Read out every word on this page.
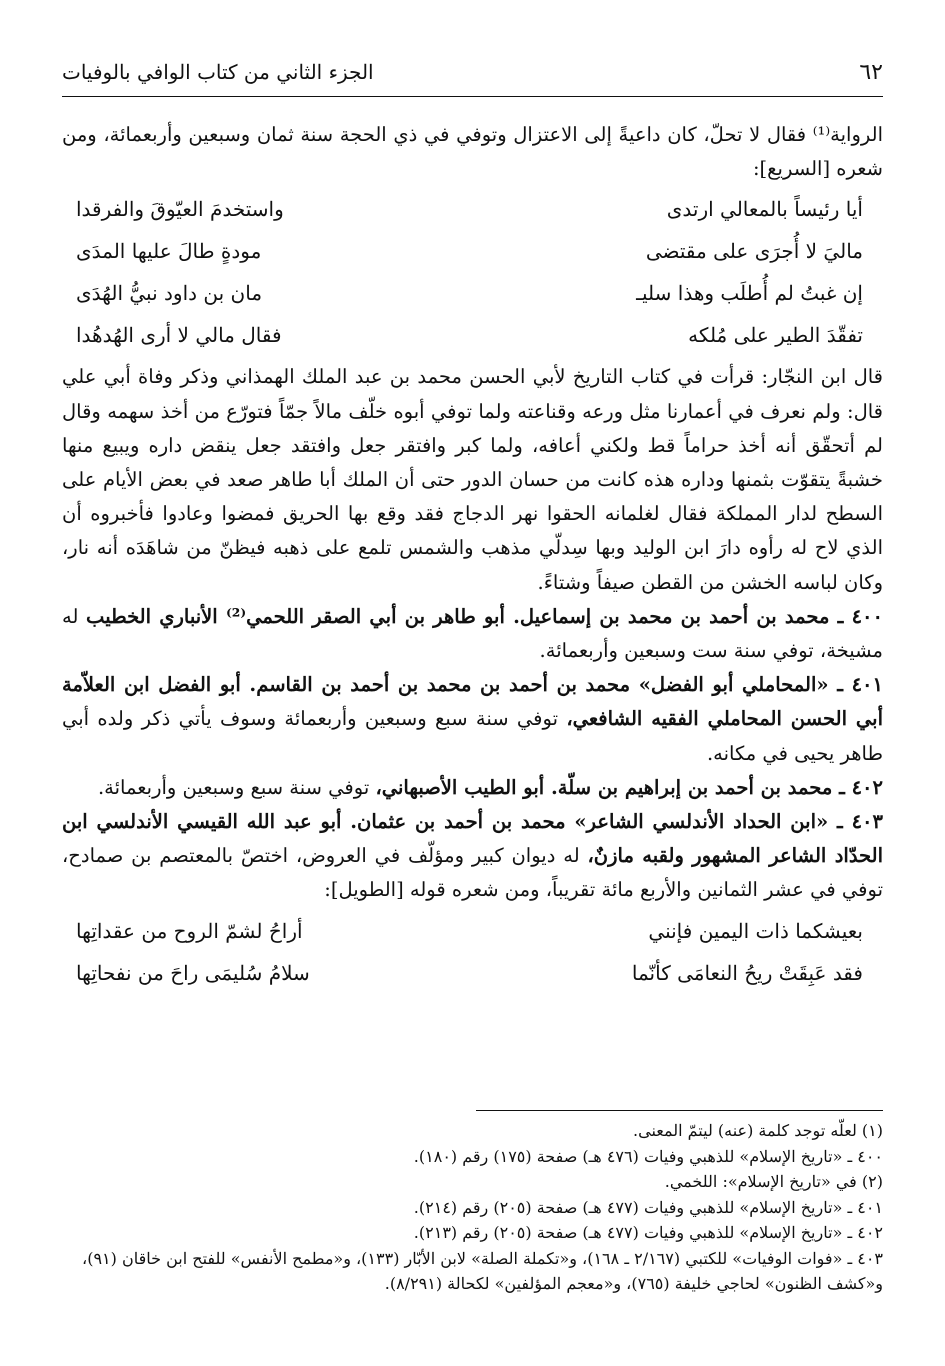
٦٢
الجزء الثاني من كتاب الوافي بالوفيات

الرواية⁽¹⁾ فقال لا تحلّ، كان داعيةً إلى الاعتزال وتوفي في ذي الحجة سنة ثمان وسبعين وأربعمائة، ومن شعره [السريع]:

أيا رئيساً بالمعالي ارتدى
واستخدمَ العيّوقَ والفرقدا
ماليَ لا أُجرَى على مقتضى
مودةٍ طالَ عليها المدَى
إن غبتُ لم أُطلَب وهذا سليـ
مان بن داود نبيُّ الهُدَى
تفقّدَ الطير على مُلكه
فقال مالي لا أرى الهُدهُدا

قال ابن النجّار: قرأت في كتاب التاريخ لأبي الحسن محمد بن عبد الملك الهمذاني وذكر وفاة أبي علي قال: ولم نعرف في أعمارنا مثل ورعه وقناعته ولما توفي أبوه خلّف مالاً جمّاً فتورّع من أخذ سهمه وقال لم أتحقّق أنه أخذ حراماً قط ولكني أعافه، ولما كبر وافتقر جعل وافتقد جعل ينقض داره ويبيع منها خشبةً يتقوّت بثمنها وداره هذه كانت من حسان الدور حتى أن الملك أبا طاهر صعد في بعض الأيام على السطح لدار المملكة فقال لغلمانه الحقوا نهر الدجاج فقد وقع بها الحريق فمضوا وعادوا فأخبروه أن الذي لاح له رأوه دارَ ابن الوليد وبها سِدلّي مذهب والشمس تلمع على ذهبه فيظنّ من شاهَدَه أنه نار، وكان لباسه الخشن من القطن صيفاً وشتاءً.

٤٠٠ ـ محمد بن أحمد بن محمد بن إسماعيل. أبو طاهر بن أبي الصقر اللحمي⁽²⁾ الأنباري الخطيب له مشيخة، توفي سنة ست وسبعين وأربعمائة.

٤٠١ ـ «المحاملي أبو الفضل» محمد بن أحمد بن محمد بن أحمد بن القاسم. أبو الفضل ابن العلاّمة أبي الحسن المحاملي الفقيه الشافعي، توفي سنة سبع وسبعين وأربعمائة وسوف يأتي ذكر ولده أبي طاهر يحيى في مكانه.

٤٠٢ ـ محمد بن أحمد بن إبراهيم بن سلّة. أبو الطيب الأصبهاني، توفي سنة سبع وسبعين وأربعمائة.

٤٠٣ ـ «ابن الحداد الأندلسي الشاعر» محمد بن أحمد بن عثمان. أبو عبد الله القيسي الأندلسي ابن الحدّاد الشاعر المشهور ولقبه مازنٌ، له ديوان كبير ومؤلّف في العروض، اختصّ بالمعتصم بن صمادح، توفي في عشر الثمانين والأربع مائة تقريباً، ومن شعره قوله [الطويل]:

بعيشكما ذات اليمين فإنني
أراحُ لشمّ الروح من عقداتِها
فقد عَبِقَتْ ريحُ النعامَى كأنّما
سلامُ سُليمَى راحَ من نفحاتِها

(١) لعلّه توجد كلمة (عنه) ليتمّ المعنى.

٤٠٠ ـ «تاريخ الإسلام» للذهبي وفيات (٤٧٦ هـ) صفحة (١٧٥) رقم (١٨٠).

(٢) في «تاريخ الإسلام»: اللخمي.

٤٠١ ـ «تاريخ الإسلام» للذهبي وفيات (٤٧٧ هـ) صفحة (٢٠٥) رقم (٢١٤).

٤٠٢ ـ «تاريخ الإسلام» للذهبي وفيات (٤٧٧ هـ) صفحة (٢٠٥) رقم (٢١٣).

٤٠٣ ـ «فوات الوفيات» للكتبي (٢/١٦٧ ـ ١٦٨)، و«تكملة الصلة» لابن الأبّار (١٣٣)، و«مطمح الأنفس» للفتح ابن خاقان (٩١)، و«كشف الظنون» لحاجي خليفة (٧٦٥)، و«معجم المؤلفين» لكحالة (٨/٢٩١).
